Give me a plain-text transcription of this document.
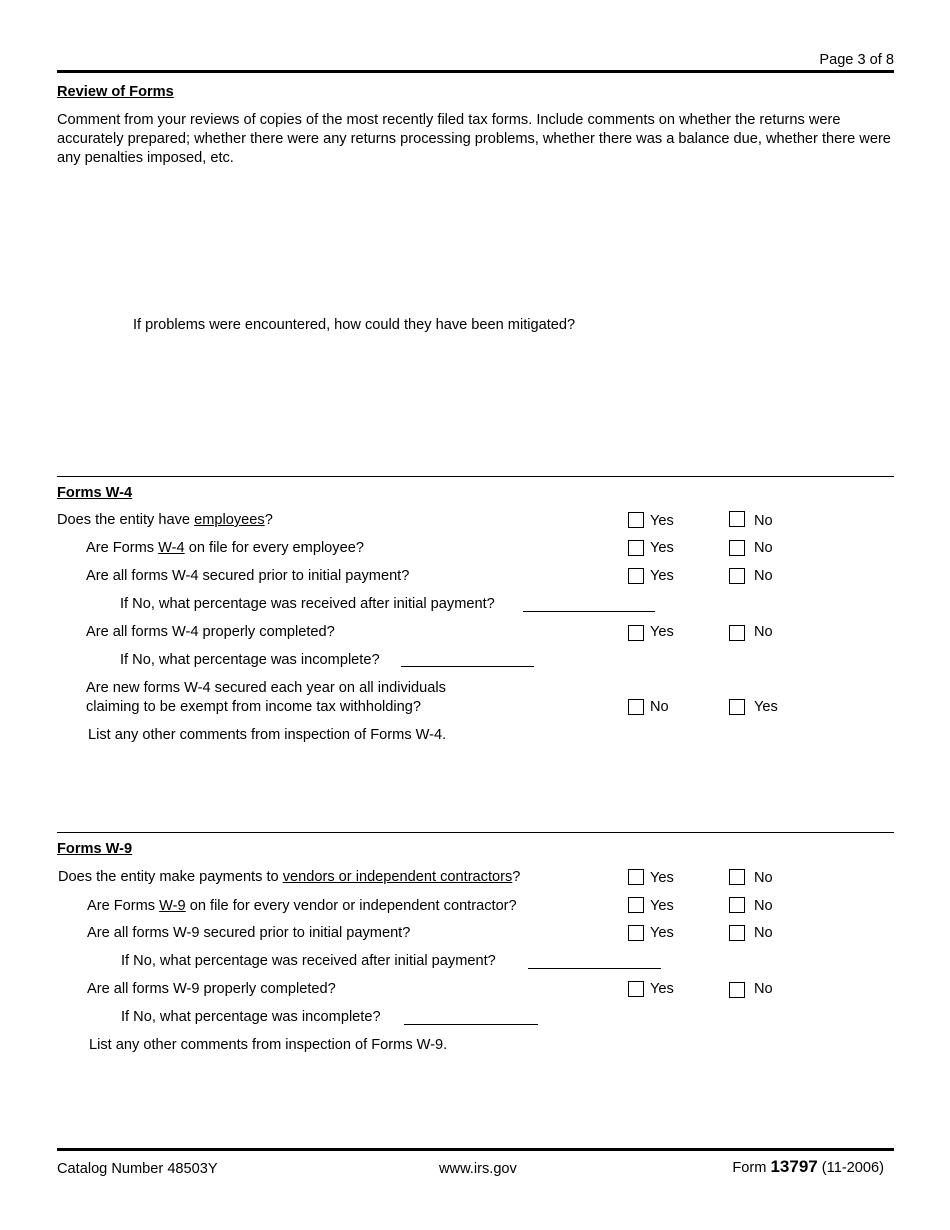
Page 3 of 8
Review of Forms
Comment from your reviews of copies of the most recently filed tax forms. Include comments on whether the returns were accurately prepared; whether there were any returns processing problems, whether there was a balance due, whether there were any penalties imposed, etc.
If problems were encountered, how could they have been mitigated?
Forms W-4
Does the entity have employees?	Yes	No
Are Forms W-4 on file for every employee?	Yes	No
Are all forms W-4 secured prior to initial payment?	Yes	No
If No, what percentage was received after initial payment?
Are all forms W-4 properly completed?	Yes	No
If No, what percentage was incomplete?
Are new forms W-4 secured each year on all individuals
claiming to be exempt from income tax withholding?	No	Yes
List any other comments from inspection of Forms W-4.
Forms W-9
Does the entity make payments to vendors or independent contractors?	Yes	No
Are Forms W-9 on file for every vendor or independent contractor?	Yes	No
Are all forms W-9 secured prior to initial payment?	Yes	No
If No, what percentage was received after initial payment?
Are all forms W-9 properly completed?	Yes	No
If No, what percentage was incomplete?
List any other comments from inspection of Forms W-9.
Catalog Number 48503Y	www.irs.gov	Form 13797 (11-2006)
